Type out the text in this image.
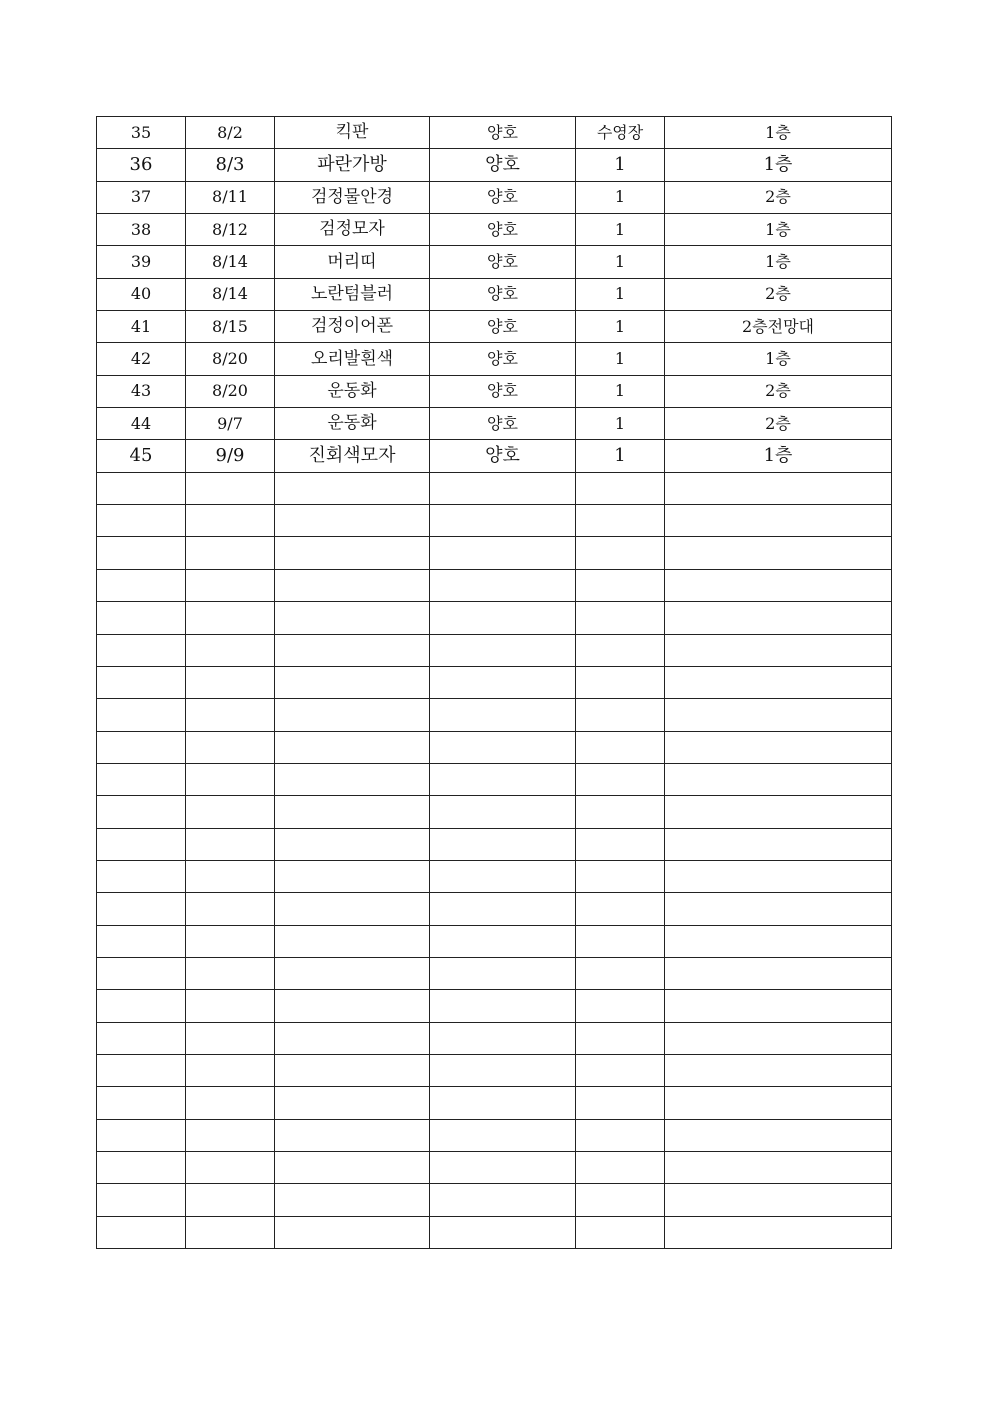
35	8/2	킥판	양호	수영장	1층
36	8/3	파란가방	양호	1	1층
37	8/11	검정물안경	양호	1	2층
38	8/12	검정모자	양호	1	1층
39	8/14	머리띠	양호	1	1층
40	8/14	노란텀블러	양호	1	2층
41	8/15	검정이어폰	양호	1	2층전망대
42	8/20	오리발흰색	양호	1	1층
43	8/20	운동화	양호	1	2층
44	9/7	운동화	양호	1	2층
45	9/9	진회색모자	양호	1	1층
